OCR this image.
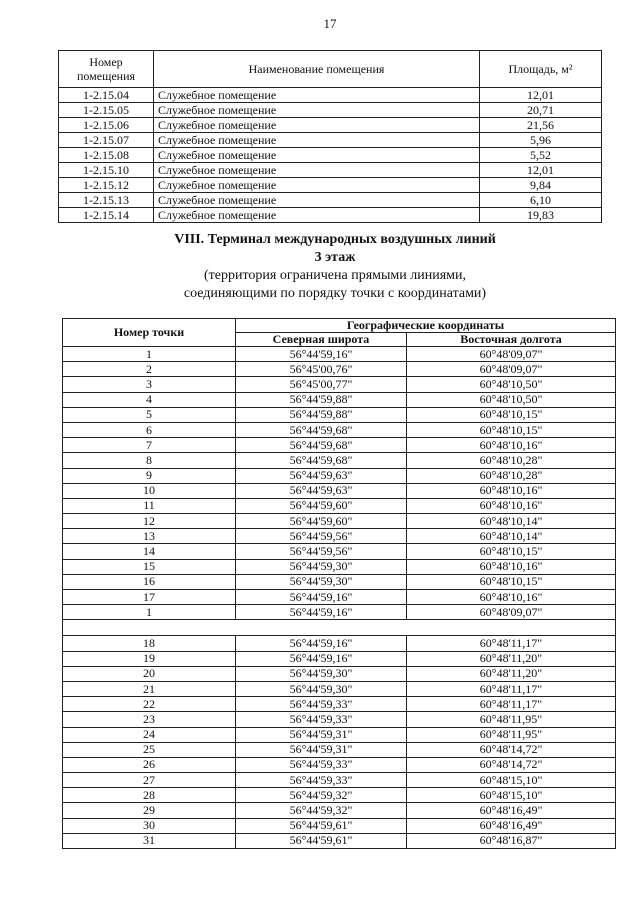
17
Номер помещения	Наименование помещения	Площадь, м²
1-2.15.04	Служебное помещение	12,01
1-2.15.05	Служебное помещение	20,71
1-2.15.06	Служебное помещение	21,56
1-2.15.07	Служебное помещение	5,96
1-2.15.08	Служебное помещение	5,52
1-2.15.10	Служебное помещение	12,01
1-2.15.12	Служебное помещение	9,84
1-2.15.13	Служебное помещение	6,10
1-2.15.14	Служебное помещение	19,83
VIII. Терминал международных воздушных линий
3 этаж
(территория ограничена прямыми линиями,
соединяющими по порядку точки с координатами)
Номер точки	Географические координаты	
	Северная широта	Восточная долгота
1	56°44'59,16"	60°48'09,07"
2	56°45'00,76"	60°48'09,07"
3	56°45'00,77"	60°48'10,50"
4	56°44'59,88"	60°48'10,50"
5	56°44'59,88"	60°48'10,15"
6	56°44'59,68"	60°48'10,15"
7	56°44'59,68"	60°48'10,16"
8	56°44'59,68"	60°48'10,28"
9	56°44'59,63"	60°48'10,28"
10	56°44'59,63"	60°48'10,16"
11	56°44'59,60"	60°48'10,16"
12	56°44'59,60"	60°48'10,14"
13	56°44'59,56"	60°48'10,14"
14	56°44'59,56"	60°48'10,15"
15	56°44'59,30"	60°48'10,16"
16	56°44'59,30"	60°48'10,15"
17	56°44'59,16"	60°48'10,16"
1	56°44'59,16"	60°48'09,07"

18	56°44'59,16"	60°48'11,17"
19	56°44'59,16"	60°48'11,20"
20	56°44'59,30"	60°48'11,20"
21	56°44'59,30"	60°48'11,17"
22	56°44'59,33"	60°48'11,17"
23	56°44'59,33"	60°48'11,95"
24	56°44'59,31"	60°48'11,95"
25	56°44'59,31"	60°48'14,72"
26	56°44'59,33"	60°48'14,72"
27	56°44'59,33"	60°48'15,10"
28	56°44'59,32"	60°48'15,10"
29	56°44'59,32"	60°48'16,49"
30	56°44'59,61"	60°48'16,49"
31	56°44'59,61"	60°48'16,87"
